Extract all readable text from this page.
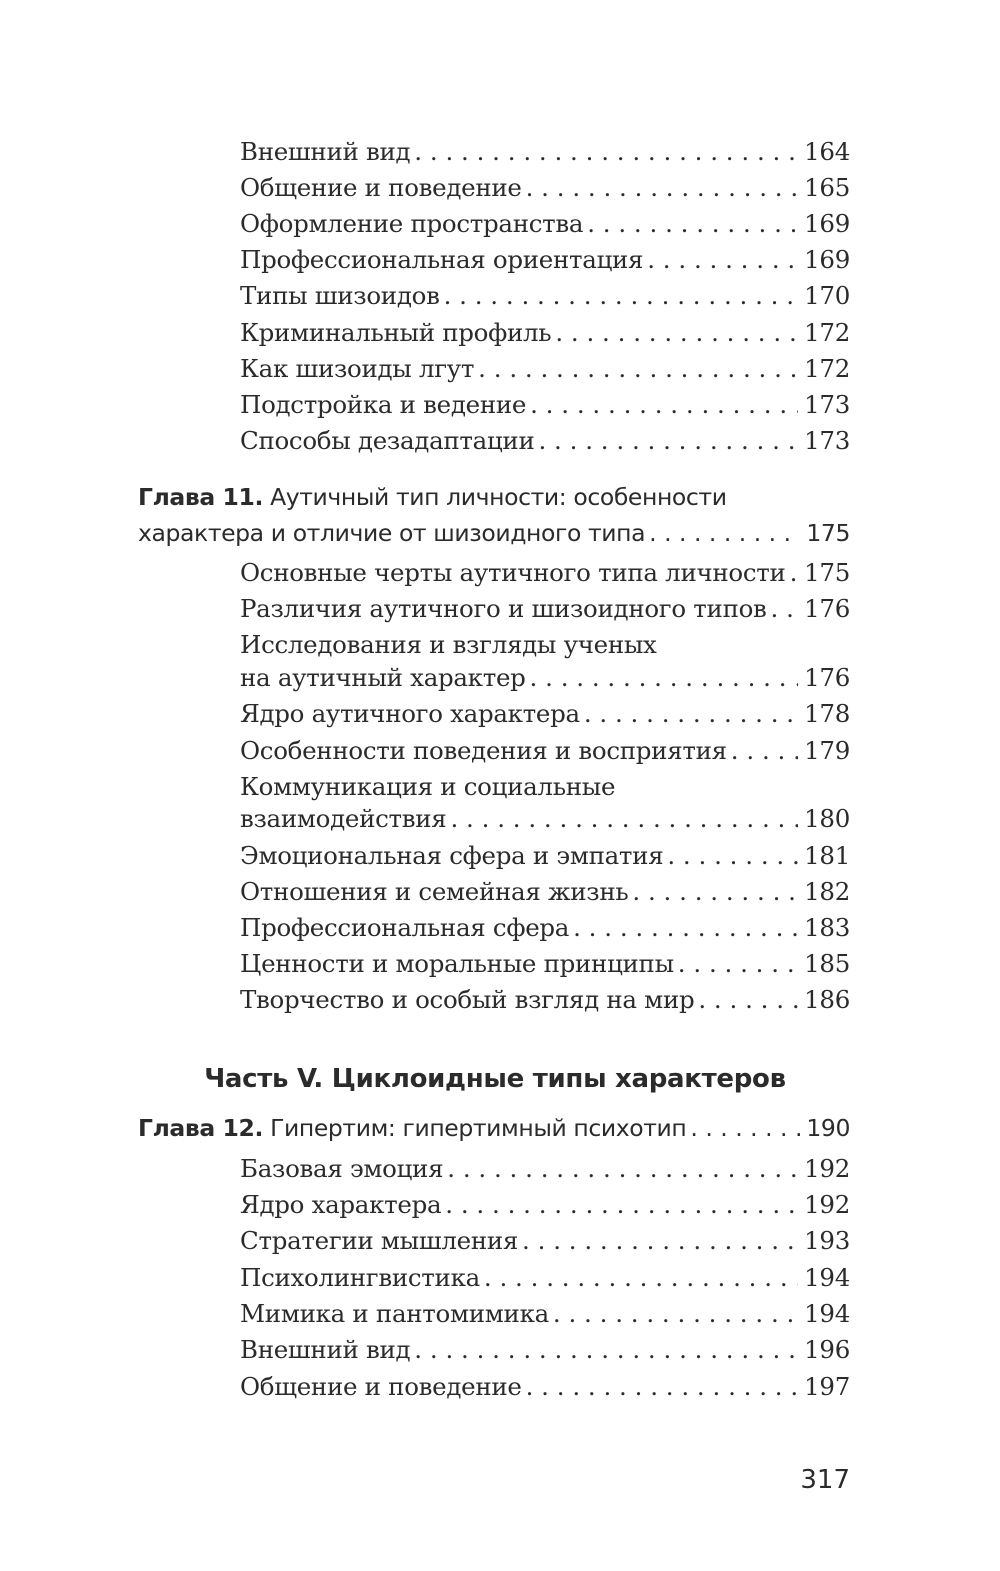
Внешний вид . . .	164
Общение и поведение . . .	165
Оформление пространства . . .	169
Профессиональная ориентация . . .	169
Типы шизоидов . . .	170
Криминальный профиль . . .	172
Как шизоиды лгут . . .	172
Подстройка и ведение . . .	173
Способы дезадаптации . . .	173
Глава 11. Аутичный тип личности: особенности
характера и отличие от шизоидного типа . . .	175
Основные черты аутичного типа личности . . . 175
Различия аутичного и шизоидного типов . . . 176
Исследования и взгляды ученых
на аутичный характер . . .	176
Ядро аутичного характера . . .	178
Особенности поведения и восприятия . . .	179
Коммуникация и социальные
взаимодействия . . .	180
Эмоциональная сфера и эмпатия . . .	181
Отношения и семейная жизнь . . .	182
Профессиональная сфера . . .	183
Ценности и моральные принципы . . .	185
Творчество и особый взгляд на мир . . .	186
Часть V. Циклоидные типы характеров
Глава 12. Гипертим: гипертимный психотип . . .	190
Базовая эмоция . . .	192
Ядро характера . . .	192
Стратегии мышления . . .	193
Психолингвистика . . .	194
Мимика и пантомимика . . .	194
Внешний вид . . .	196
Общение и поведение . . .	197
317
